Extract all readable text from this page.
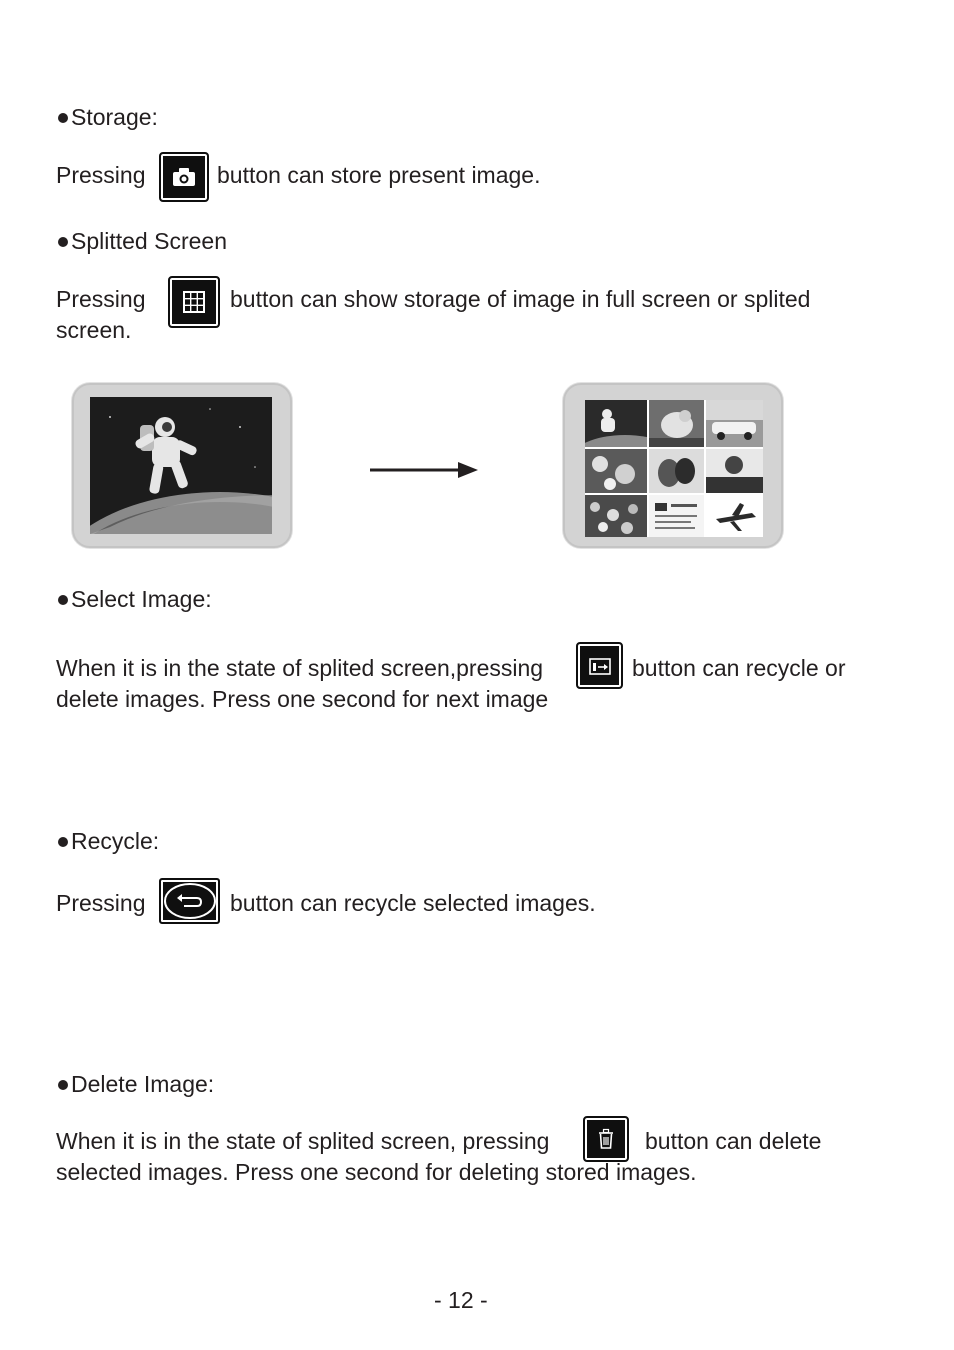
Storage:
Pressing	button can store present image.
Splitted Screen
Pressing	button can show storage of image in full screen or splited
screen.
Select Image:
When it is in the state of splited screen,pressing	button can recycle or
delete images. Press one second for next image
Recycle:
Pressing	button can recycle selected images.
Delete Image:
When it is in the state of splited screen, pressing	button can delete
selected images. Press one second for deleting stored images.
- 12 -
